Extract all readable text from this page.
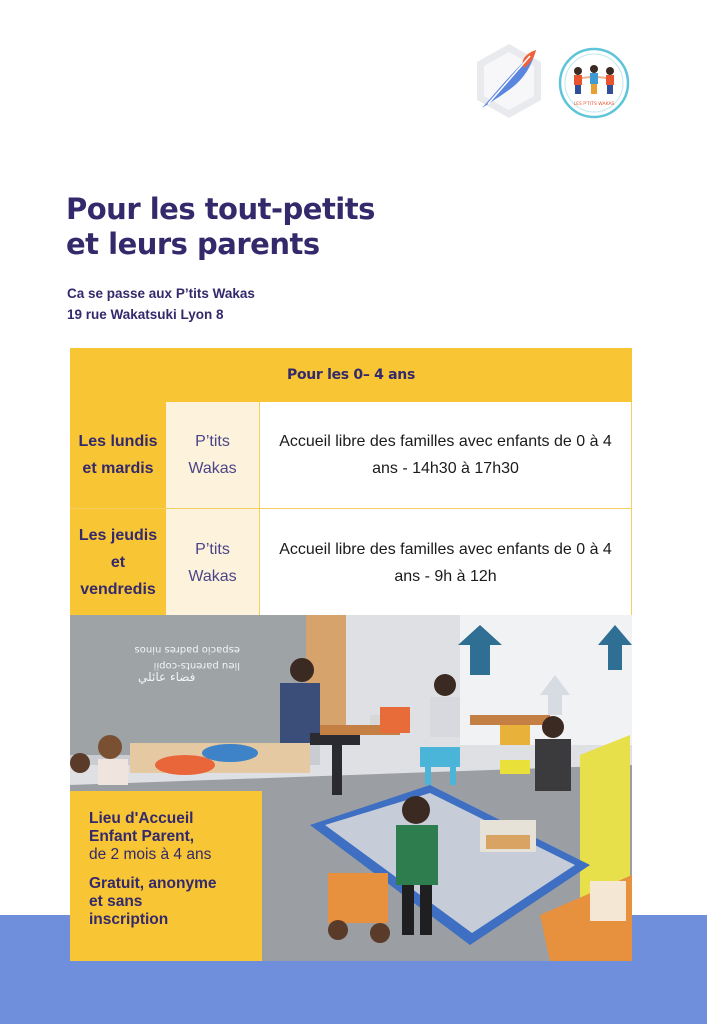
LES P'TITS WAKAS
Pour les tout-petits
et leurs parents
Ca se passe aux P’tits Wakas
19 rue Wakatsuki Lyon 8
Pour les 0– 4 ans
Les lundis et mardis
P’tits Wakas
Accueil libre des familles avec enfants de 0 à 4 ans - 14h30 à 17h30
Les jeudis et vendredis
P’tits Wakas
Accueil libre des familles avec enfants de 0 à 4 ans - 9h à 12h
espacio padres ninos
lieu parents-copii
فضاء عائلي
Lieu d'Accueil
Enfant Parent,
de 2 mois à 4 ans
Gratuit, anonyme
et sans
inscription
